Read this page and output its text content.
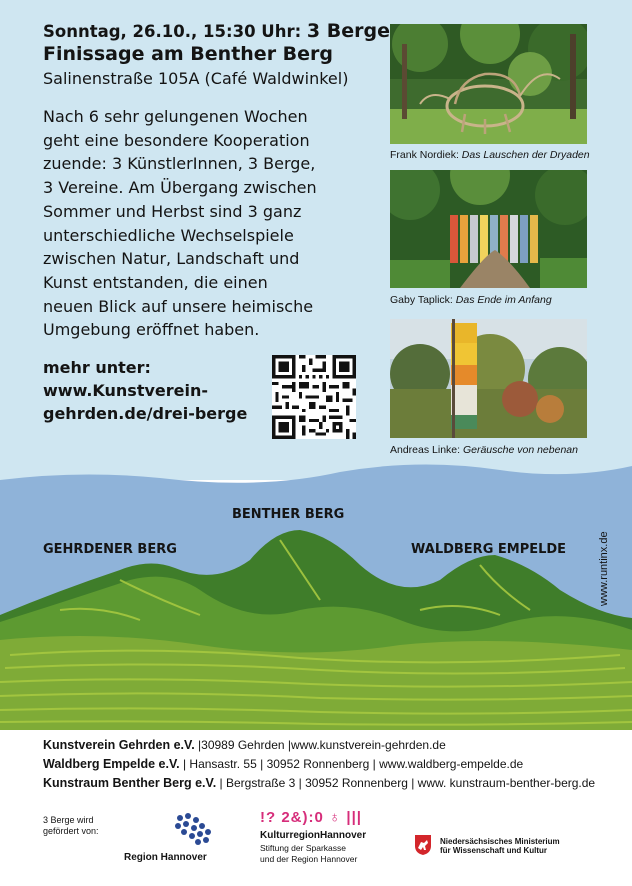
Sonntag, 26.10., 15:30 Uhr: 3 Berge
Finissage am Benther Berg
Salinenstraße 105A (Café Waldwinkel)
Nach 6 sehr gelungenen Wochen
geht eine besondere Kooperation
zuende: 3 KünstlerInnen, 3 Berge,
3 Vereine. Am Übergang zwischen
Sommer und Herbst sind 3 ganz
unterschiedliche Wechselspiele
zwischen Natur, Landschaft und
Kunst entstanden, die einen
neuen Blick auf unsere heimische
Umgebung eröffnet haben.
mehr unter:
www.Kunstverein-
gehrden.de/drei-berge
Frank Nordiek: Das Lauschen der Dryaden
Gaby Taplick: Das Ende im Anfang
Andreas Linke: Geräusche von nebenan
GEHRDENER BERG
BENTHER BERG
WALDBERG EMPELDE	www.runtinx.de
Kunstverein Gehrden e.V. |30989 Gehrden |www.kunstverein-gehrden.de
Waldberg Empelde e.V. | Hansastr. 55 | 30952 Ronnenberg | www.waldberg-empelde.de
Kunstraum Benther Berg e.V. | Bergstraße 3 | 30952 Ronnenberg | www. kunstraum-benther-berg.de
3 Berge wird gefördert von:
Region Hannover
!? 2&):0 ♁ |||
KulturregionHannover
Stiftung der Sparkasse
und der Region Hannover
Niedersächsisches Ministerium
für Wissenschaft und Kultur
